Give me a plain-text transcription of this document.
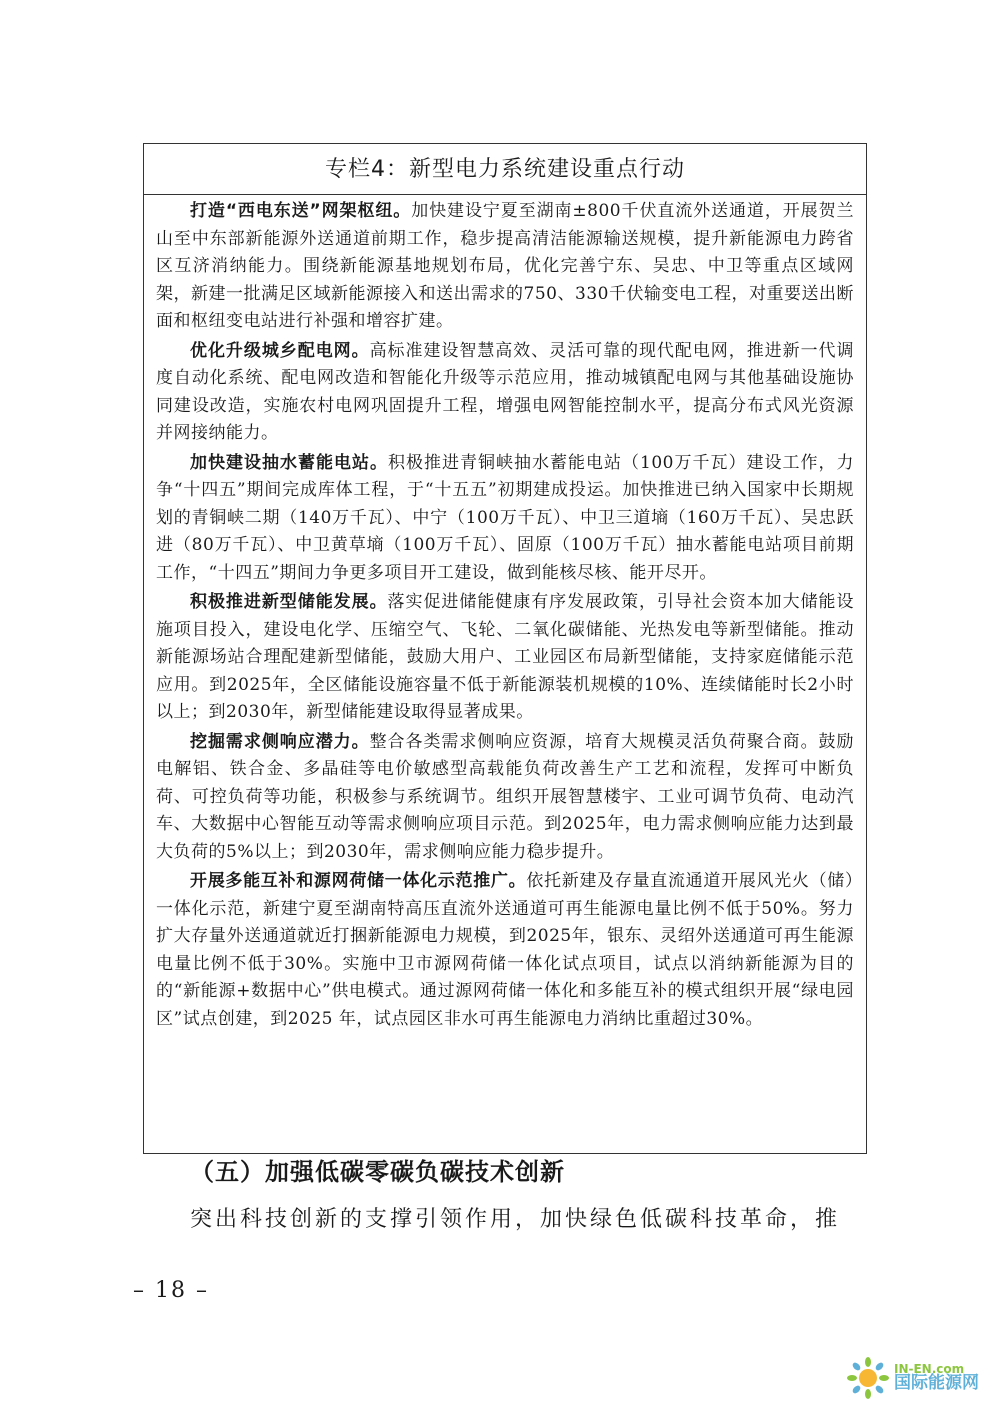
专栏4：新型电力系统建设重点行动

打造“西电东送”网架枢纽。加快建设宁夏至湖南±800千伏直流外送通道，开展贺兰山至中东部新能源外送通道前期工作，稳步提高清洁能源输送规模，提升新能源电力跨省区互济消纳能力。围绕新能源基地规划布局，优化完善宁东、吴忠、中卫等重点区域网架，新建一批满足区域新能源接入和送出需求的750、330千伏输变电工程，对重要送出断面和枢纽变电站进行补强和增容扩建。

优化升级城乡配电网。高标准建设智慧高效、灵活可靠的现代配电网，推进新一代调度自动化系统、配电网改造和智能化升级等示范应用，推动城镇配电网与其他基础设施协同建设改造，实施农村电网巩固提升工程，增强电网智能控制水平，提高分布式风光资源并网接纳能力。

加快建设抽水蓄能电站。积极推进青铜峡抽水蓄能电站（100万千瓦）建设工作，力争“十四五”期间完成库体工程，于“十五五”初期建成投运。加快推进已纳入国家中长期规划的青铜峡二期（140万千瓦）、中宁（100万千瓦）、中卫三道墒（160万千瓦）、吴忠跃进（80万千瓦）、中卫黄草墒（100万千瓦）、固原（100万千瓦）抽水蓄能电站项目前期工作，“十四五”期间力争更多项目开工建设，做到能核尽核、能开尽开。

积极推进新型储能发展。落实促进储能健康有序发展政策，引导社会资本加大储能设施项目投入，建设电化学、压缩空气、飞轮、二氧化碳储能、光热发电等新型储能。推动新能源场站合理配建新型储能，鼓励大用户、工业园区布局新型储能，支持家庭储能示范应用。到2025年，全区储能设施容量不低于新能源装机规模的10%、连续储能时长2小时以上；到2030年，新型储能建设取得显著成果。

挖掘需求侧响应潜力。整合各类需求侧响应资源，培育大规模灵活负荷聚合商。鼓励电解铝、铁合金、多晶硅等电价敏感型高载能负荷改善生产工艺和流程，发挥可中断负荷、可控负荷等功能，积极参与系统调节。组织开展智慧楼宇、工业可调节负荷、电动汽车、大数据中心智能互动等需求侧响应项目示范。到2025年，电力需求侧响应能力达到最大负荷的5%以上；到2030年，需求侧响应能力稳步提升。

开展多能互补和源网荷储一体化示范推广。依托新建及存量直流通道开展风光火（储）一体化示范，新建宁夏至湖南特高压直流外送通道可再生能源电量比例不低于50%。努力扩大存量外送通道就近打捆新能源电力规模，到2025年，银东、灵绍外送通道可再生能源电量比例不低于30%。实施中卫市源网荷储一体化试点项目，试点以消纳新能源为目的的“新能源+数据中心”供电模式。通过源网荷储一体化和多能互补的模式组织开展“绿电园区”试点创建，到2025 年，试点园区非水可再生能源电力消纳比重超过30%。

（五）加强低碳零碳负碳技术创新
突出科技创新的支撑引领作用，加快绿色低碳科技革命，推
– 18 –
IN-EN.com
国际能源网
